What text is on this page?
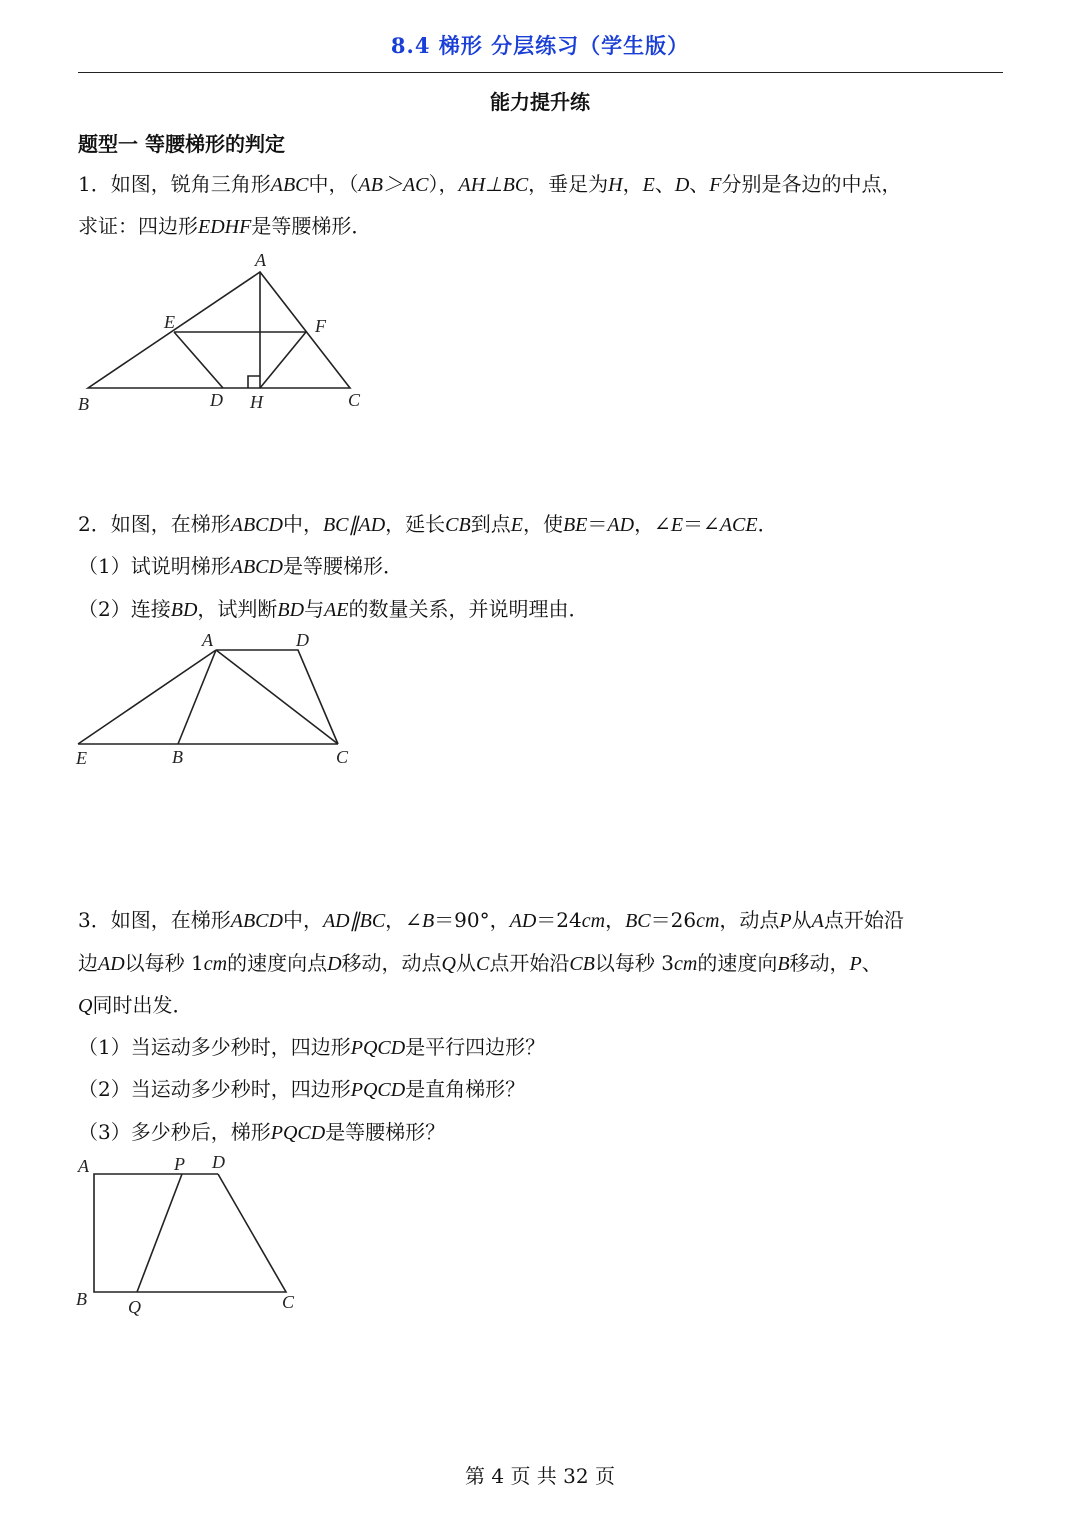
8.4 梯形 分层练习（学生版）
能力提升练
题型一 等腰梯形的判定
1．如图，锐角三角形ABC中，（AB＞AC），AH⊥BC，垂足为H，E、D、F分别是各边的中点，
求证：四边形EDHF是等腰梯形．
A
B	C
D
E	F
H
2．如图，在梯形ABCD中，BC∥AD，延长CB到点E，使BE＝AD，∠E＝∠ACE．
（1）试说明梯形ABCD是等腰梯形．
（2）连接BD，试判断BD与AE的数量关系，并说明理由．
A	D
E	B	C
3．如图，在梯形ABCD中，AD∥BC，∠B＝90°，AD＝24cm，BC＝26cm，动点P从A点开始沿
边AD以每秒 1cm的速度向点D移动，动点Q从C点开始沿CB以每秒 3cm的速度向B移动，P、
Q同时出发．
（1）当运动多少秒时，四边形PQCD是平行四边形？
（2）当运动多少秒时，四边形PQCD是直角梯形？
（3）多少秒后，梯形PQCD是等腰梯形？
A	P D
B Q	C
第 4 页 共 32 页
